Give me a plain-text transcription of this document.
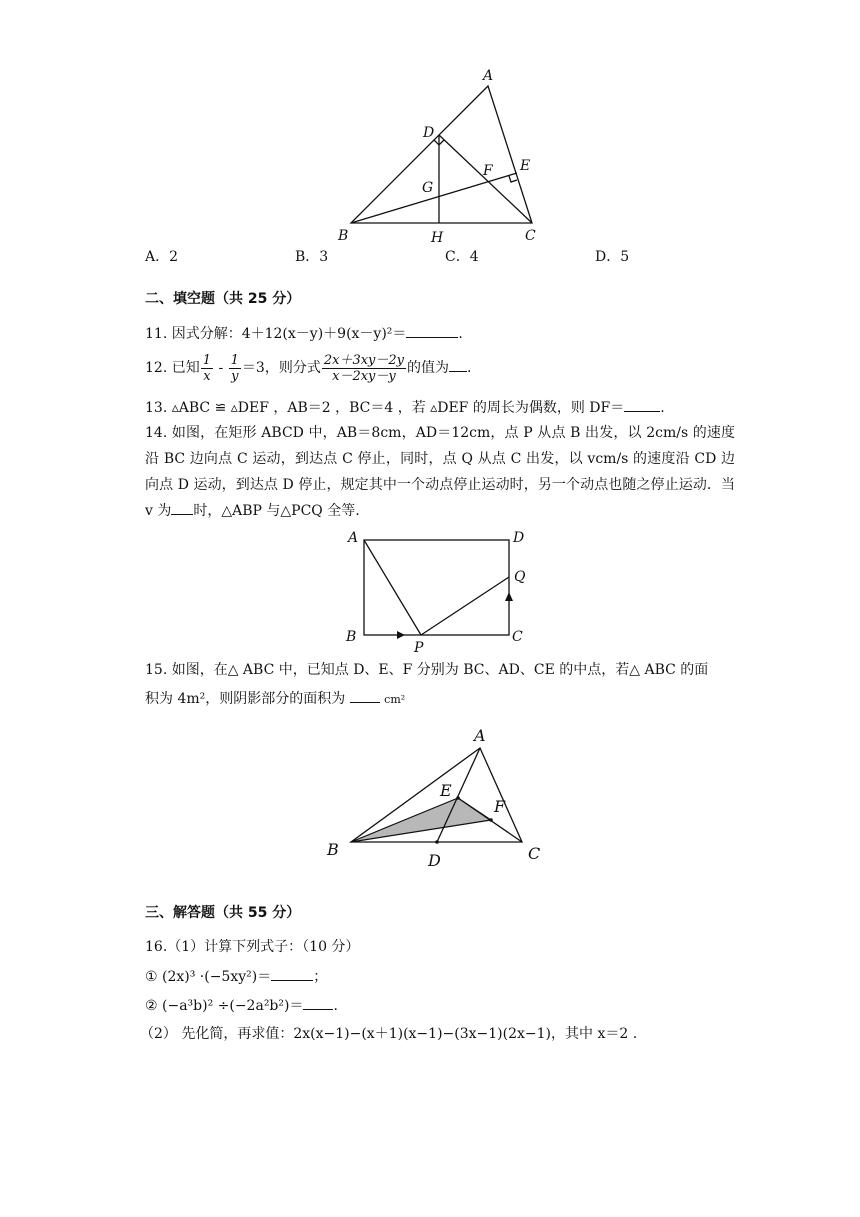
A
D
F E
G
B	H	C
A．2	B．3	C．4	D．5
二、填空题（共 25 分）
11. 因式分解：4＋12(x－y)＋9(x－y)²＝	.
12. 已知 $\frac{1}{x} - \frac{1}{y} =3$，则分式 $\frac{2x+3xy-2y}{x-2xy-y}$ 的值为 .
13. ▵ABC ≌ ▵DEF ，AB＝2 ，BC＝4 ，若 ▵DEF 的周长为偶数，则 DF＝	.
14. 如图，在矩形 ABCD 中，AB＝8cm，AD＝12cm，点 P 从点 B 出发，以 2cm/s 的速度沿 BC 边向点 C 运动，到达点 C 停止，同时，点 Q 从点 C 出发，以 vcm/s 的速度沿 CD 边向点 D 运动，到达点 D 停止，规定其中一个动点停止运动时，另一个动点也随之停止运动．当 v 为 时，△ABP 与△PCQ 全等.
A	D
Q
B	C
P
15. 如图，在△ ABC 中，已知点 D、E、F 分别为 BC、AD、CE 的中点，若△ ABC 的面
积为 4m²，则阴影部分的面积为	cm²
A
E
F
B
D	C
三、解答题（共 55 分）
16.（1）计算下列式子：（10 分）
① (2x)³ ·(−5xy²)＝	；
② (−a³b)² ÷(−2a²b²)＝ .
（2） 先化简，再求值：2x(x−1)−(x＋1)(x−1)−(3x−1)(2x−1)，其中 x＝2 .
